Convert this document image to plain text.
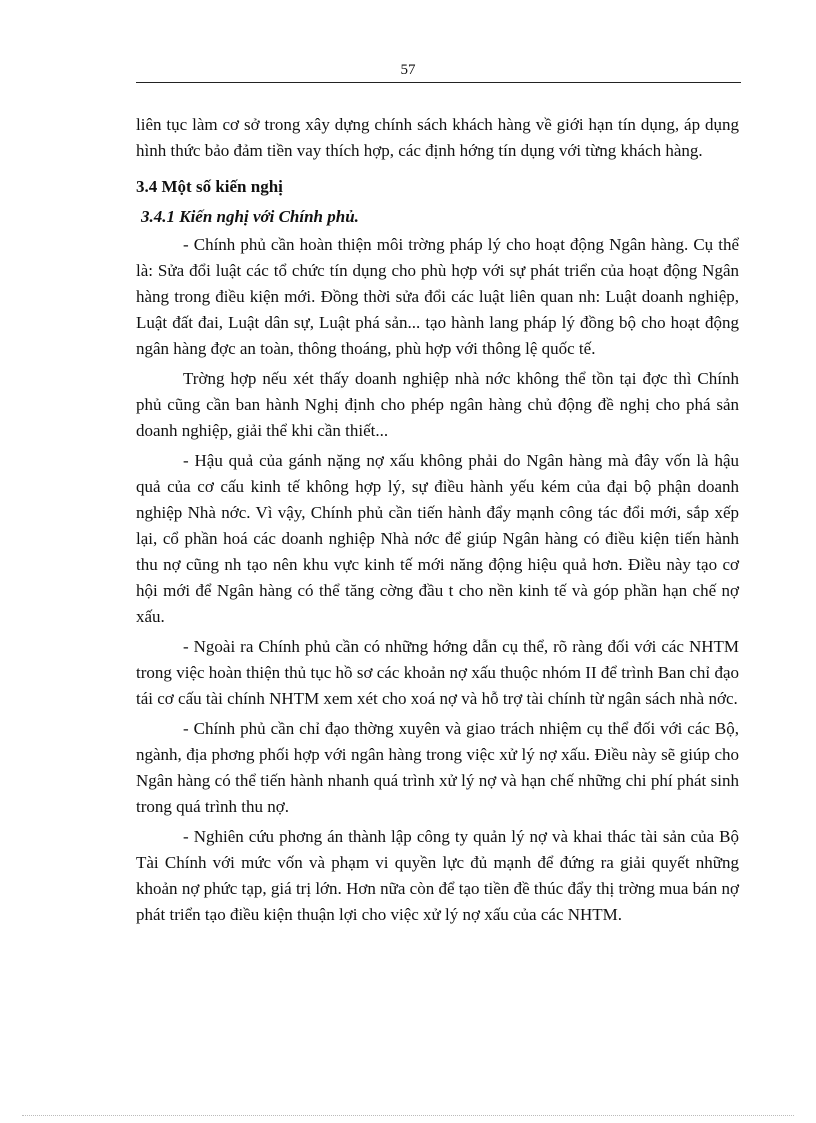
57

liên tục làm cơ sở trong xây dựng chính sách khách hàng về giới hạn tín dụng, áp dụng hình thức bảo đảm tiền vay thích hợp, các định hớng tín dụng với từng khách hàng.

3.4 Một số kiến nghị
3.4.1 Kiến nghị với Chính phủ.

- Chính phủ cần hoàn thiện môi trờng pháp lý cho hoạt động Ngân hàng. Cụ thể là: Sửa đổi luật các tổ chức tín dụng cho phù hợp với sự phát triển của hoạt động Ngân hàng trong điều kiện mới. Đồng thời sửa đổi các luật liên quan nh: Luật doanh nghiệp, Luật đất đai, Luật dân sự, Luật phá sản... tạo hành lang pháp lý đồng bộ cho hoạt động ngân hàng đợc an toàn, thông thoáng, phù hợp với thông lệ quốc tế.

Trờng hợp nếu xét thấy doanh nghiệp nhà nớc không thể tồn tại đợc thì Chính phủ cũng cần ban hành Nghị định cho phép ngân hàng chủ động đề nghị cho phá sản doanh nghiệp, giải thể khi cần thiết...

- Hậu quả của gánh nặng nợ xấu không phải do Ngân hàng mà đây vốn là hậu quả của cơ cấu kinh tế không hợp lý, sự điều hành yếu kém của đại bộ phận doanh nghiệp Nhà nớc. Vì vậy, Chính phủ cần tiến hành đẩy mạnh công tác đổi mới, sắp xếp lại, cổ phần hoá các doanh nghiệp Nhà nớc để giúp Ngân hàng có điều kiện tiến hành thu nợ cũng nh tạo nên khu vực kinh tế mới năng động hiệu quả hơn. Điều này tạo cơ hội mới để Ngân hàng có thể tăng cờng đầu t cho nền kinh tế và góp phần hạn chế nợ xấu.

- Ngoài ra Chính phủ cần có những hớng dẫn cụ thể, rõ ràng đối với các NHTM trong việc hoàn thiện thủ tục hồ sơ các khoản nợ xấu thuộc nhóm II để trình Ban chỉ đạo tái cơ cấu tài chính NHTM xem xét cho xoá nợ và hỗ trợ tài chính từ ngân sách nhà nớc.

- Chính phủ cần chỉ đạo thờng xuyên và giao trách nhiệm cụ thể đối với các Bộ, ngành, địa phơng phối hợp với ngân hàng trong việc xử lý nợ xấu. Điều này sẽ giúp cho Ngân hàng có thể tiến hành nhanh quá trình xử lý nợ và hạn chế những chi phí phát sinh trong quá trình thu nợ.

- Nghiên cứu phơng án thành lập công ty quản lý nợ và khai thác tài sản của Bộ Tài Chính với mức vốn và phạm vi quyền lực đủ mạnh để đứng ra giải quyết những khoản nợ phức tạp, giá trị lớn. Hơn nữa còn để tạo tiền đề thúc đẩy thị trờng mua bán nợ phát triển tạo điều kiện thuận lợi cho việc xử lý nợ xấu của các NHTM.
